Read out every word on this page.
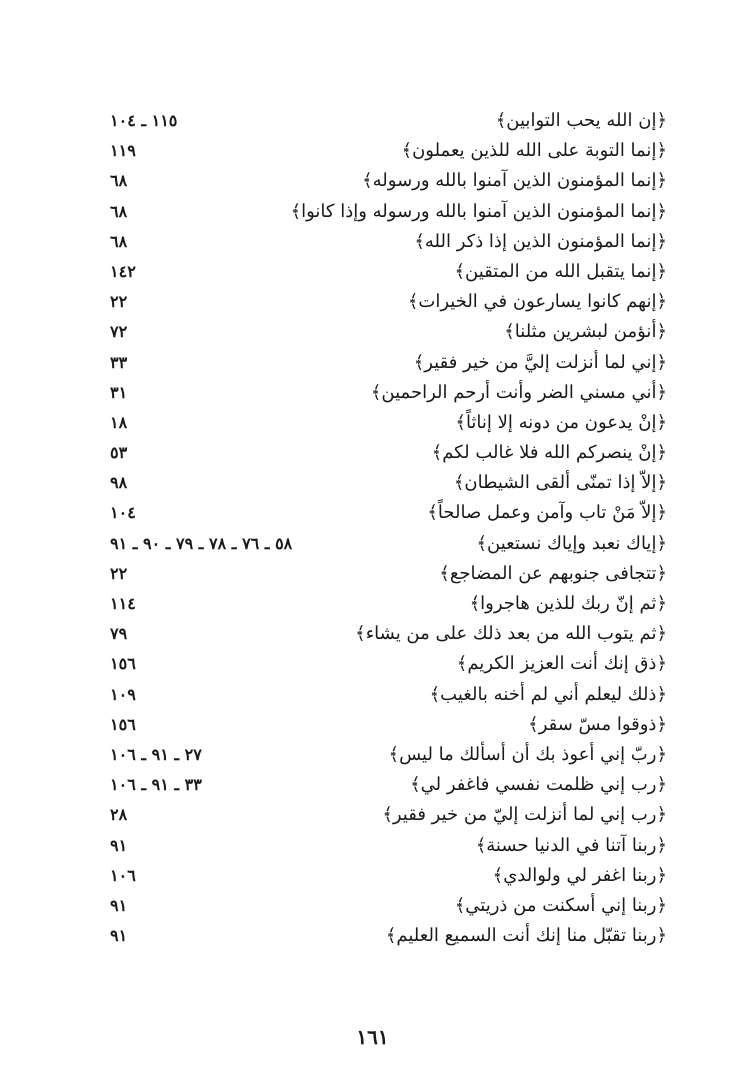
﴿إن الله يحب التوابين﴾
١١٥ ـ ١٠٤
﴿إنما التوبة على الله للذين يعملون﴾
١١٩
﴿إنما المؤمنون الذين آمنوا بالله ورسوله﴾
٦٨
﴿إنما المؤمنون الذين آمنوا بالله ورسوله وإذا كانوا﴾
٦٨
﴿إنما المؤمنون الذين إذا ذكر الله﴾
٦٨
﴿إنما يتقبل الله من المتقين﴾
١٤٢
﴿إنهم كانوا يسارعون في الخيرات﴾
٢٢
﴿أنؤمن لبشرين مثلنا﴾
٧٢
﴿إني لما أنزلت إليَّ من خير فقير﴾
٣٣
﴿أني مسني الضر وأنت أرحم الراحمين﴾
٣١
﴿إنْ يدعون من دونه إلا إناثاً﴾
١٨
﴿إنْ ينصركم الله فلا غالب لكم﴾
٥٣
﴿إلاّ إذا تمنّى ألقى الشيطان﴾
٩٨
﴿إلاّ مَنْ تاب وآمن وعمل صالحاً﴾
١٠٤
﴿إياك نعبد وإياك نستعين﴾
٥٨ ـ ٧٦ ـ ٧٨ ـ ٧٩ ـ ٩٠ ـ ٩١
﴿تتجافى جنوبهم عن المضاجع﴾
٢٢
﴿ثم إنّ ربك للذين هاجروا﴾
١١٤
﴿ثم يتوب الله من بعد ذلك على من يشاء﴾
٧٩
﴿ذق إنك أنت العزيز الكريم﴾
١٥٦
﴿ذلك ليعلم أني لم أخنه بالغيب﴾
١٠٩
﴿ذوقوا مسّ سقر﴾
١٥٦
﴿ربّ إني أعوذ بك أن أسألك ما ليس﴾
٢٧ ـ ٩١ ـ ١٠٦
﴿رب إني ظلمت نفسي فاغفر لي﴾
٣٣ ـ ٩١ ـ ١٠٦
﴿رب إني لما أنزلت إليّ من خير فقير﴾
٢٨
﴿ربنا آتنا في الدنيا حسنة﴾
٩١
﴿ربنا اغفر لي ولوالدي﴾
١٠٦
﴿ربنا إني أسكنت من ذريتي﴾
٩١
﴿ربنا تقبّل منا إنك أنت السميع العليم﴾
٩١
١٦١
